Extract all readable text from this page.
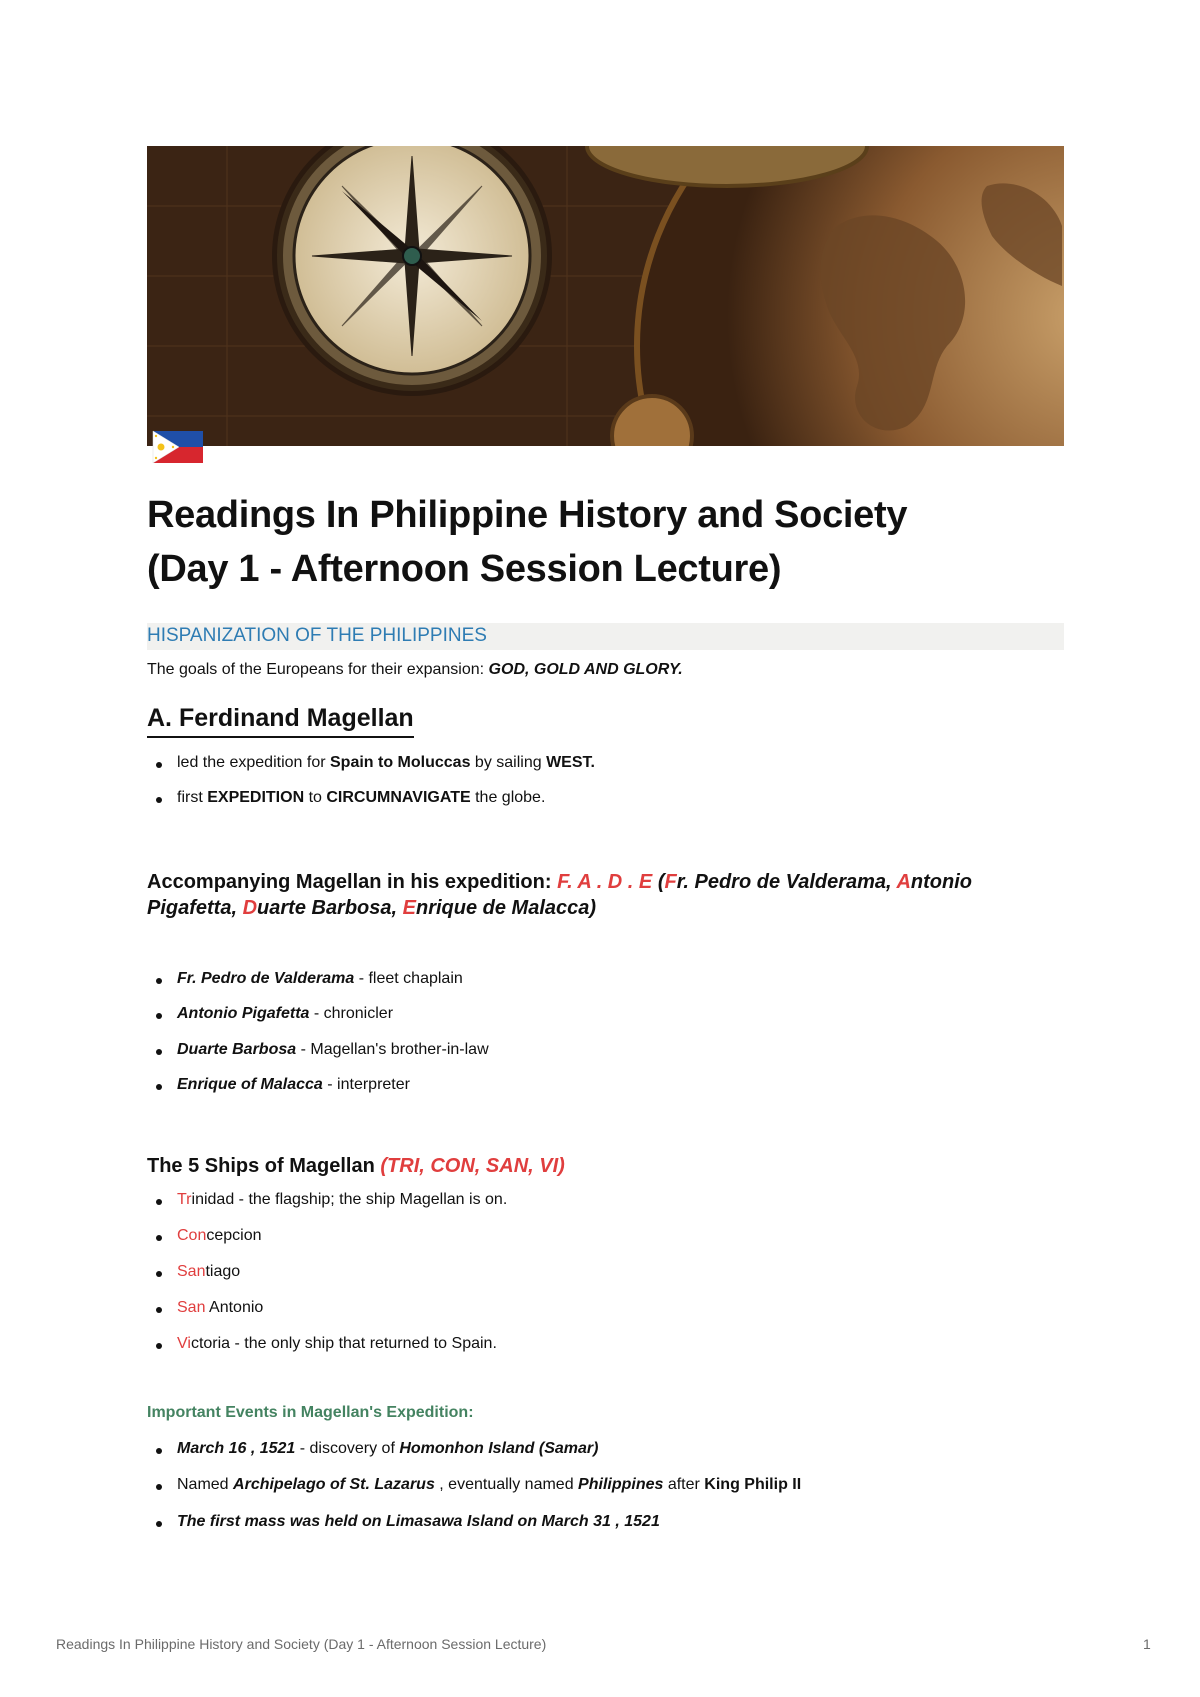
Readings In Philippine History and Society
(Day 1 - Afternoon Session Lecture)
HISPANIZATION OF THE PHILIPPINES
The goals of the Europeans for their expansion: GOD, GOLD AND GLORY.
A. Ferdinand Magellan
led the expedition for Spain to Moluccas by sailing WEST.
first EXPEDITION to CIRCUMNAVIGATE the globe.
Accompanying Magellan in his expedition: F. A . D . E (Fr. Pedro de Valderama, Antonio
Pigafetta, Duarte Barbosa, Enrique de Malacca)
Fr. Pedro de Valderama - fleet chaplain
Antonio Pigafetta - chronicler
Duarte Barbosa - Magellan's brother-in-law
Enrique of Malacca - interpreter
The 5 Ships of Magellan (TRI, CON, SAN, VI)
Trinidad - the flagship; the ship Magellan is on.
Concepcion
Santiago
San Antonio
Victoria - the only ship that returned to Spain.
Important Events in Magellan's Expedition:
March 16 , 1521 - discovery of Homonhon Island (Samar)
Named Archipelago of St. Lazarus , eventually named Philippines after King Philip II
The first mass was held on Limasawa Island on March 31 , 1521
Readings In Philippine History and Society (Day 1 - Afternoon Session Lecture)	1
